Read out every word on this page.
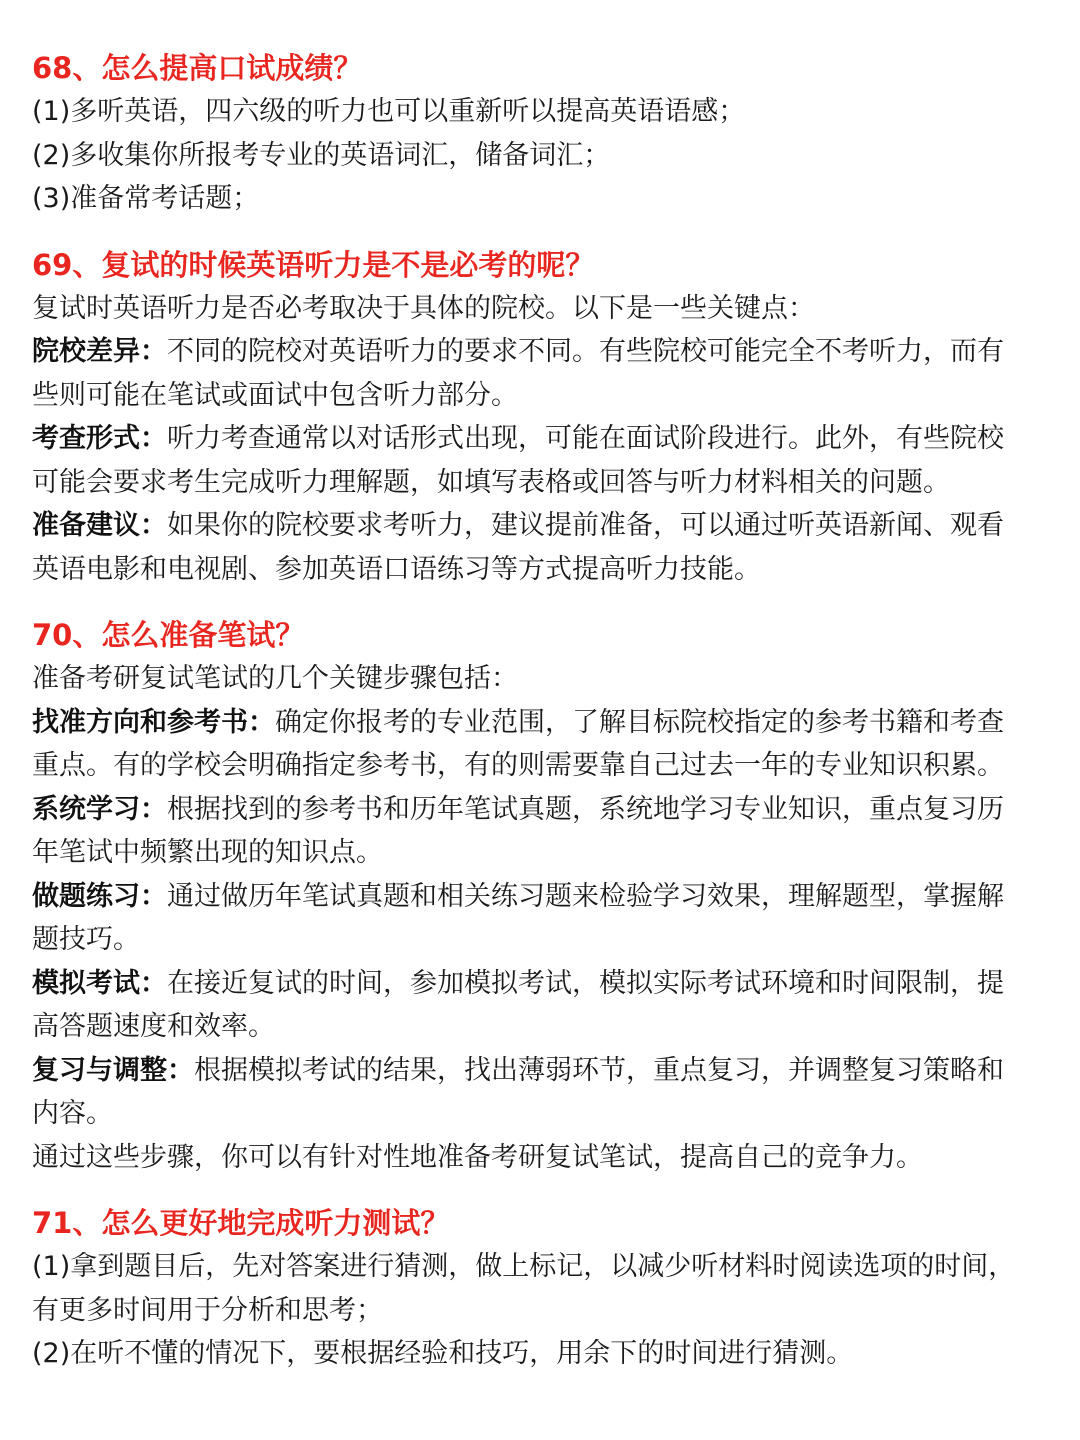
68、怎么提高口试成绩？
(1)多听英语，四六级的听力也可以重新听以提高英语语感；
(2)多收集你所报考专业的英语词汇，储备词汇；
(3)准备常考话题；
69、复试的时候英语听力是不是必考的呢？
复试时英语听力是否必考取决于具体的院校。以下是一些关键点：
院校差异：不同的院校对英语听力的要求不同。有些院校可能完全不考听力，而有
些则可能在笔试或面试中包含听力部分。
考查形式：听力考查通常以对话形式出现，可能在面试阶段进行。此外，有些院校
可能会要求考生完成听力理解题，如填写表格或回答与听力材料相关的问题。
准备建议：如果你的院校要求考听力，建议提前准备，可以通过听英语新闻、观看
英语电影和电视剧、参加英语口语练习等方式提高听力技能。
70、怎么准备笔试？
准备考研复试笔试的几个关键步骤包括：
找准方向和参考书：确定你报考的专业范围，了解目标院校指定的参考书籍和考查
重点。有的学校会明确指定参考书，有的则需要靠自己过去一年的专业知识积累。
系统学习：根据找到的参考书和历年笔试真题，系统地学习专业知识，重点复习历
年笔试中频繁出现的知识点。
做题练习：通过做历年笔试真题和相关练习题来检验学习效果，理解题型，掌握解
题技巧。
模拟考试：在接近复试的时间，参加模拟考试，模拟实际考试环境和时间限制，提
高答题速度和效率。
复习与调整：根据模拟考试的结果，找出薄弱环节，重点复习，并调整复习策略和
内容。
通过这些步骤，你可以有针对性地准备考研复试笔试，提高自己的竞争力。
71、怎么更好地完成听力测试？
(1)拿到题目后，先对答案进行猜测，做上标记，以减少听材料时阅读选项的时间，
有更多时间用于分析和思考；
(2)在听不懂的情况下，要根据经验和技巧，用余下的时间进行猜测。
